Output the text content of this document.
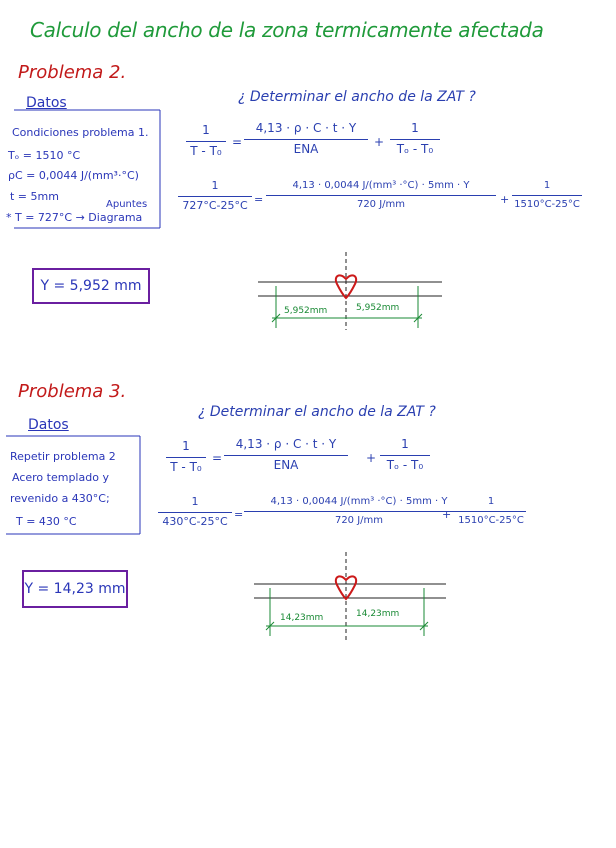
Calculo del ancho de la zona termicamente afectada
Problema 2.
Datos
Condiciones problema 1.
Tₒ = 1510 °C
ρC = 0,0044 J/(mm³·°C)
t = 5mm
* T = 727°C → Diagrama
Apuntes
¿ Determinar el ancho de la ZAT ?
1
T - T₀
=
4,13 · ρ · C · t · Y
ENA	+
1
Tₒ - T₀
1
727°C-25°C =
4,13 · 0,0044 J/(mm³ ·°C) · 5mm · Y
720 J/mm	+
1
1510°C-25°C
Y = 5,952 mm
5,952mm	5,952mm
Problema 3.
Datos
Repetir problema 2
Acero templado y
revenido a 430°C;
T = 430 °C
¿ Determinar el ancho de la ZAT ?
1
T - T₀
=
4,13 · ρ · C · t · Y
ENA	+
1
Tₒ - T₀
1
430°C-25°C
=
4,13 · 0,0044 J/(mm³ ·°C) · 5mm · Y
720 J/mm	+
1
1510°C-25°C
Y = 14,23 mm
14,23mm	14,23mm
